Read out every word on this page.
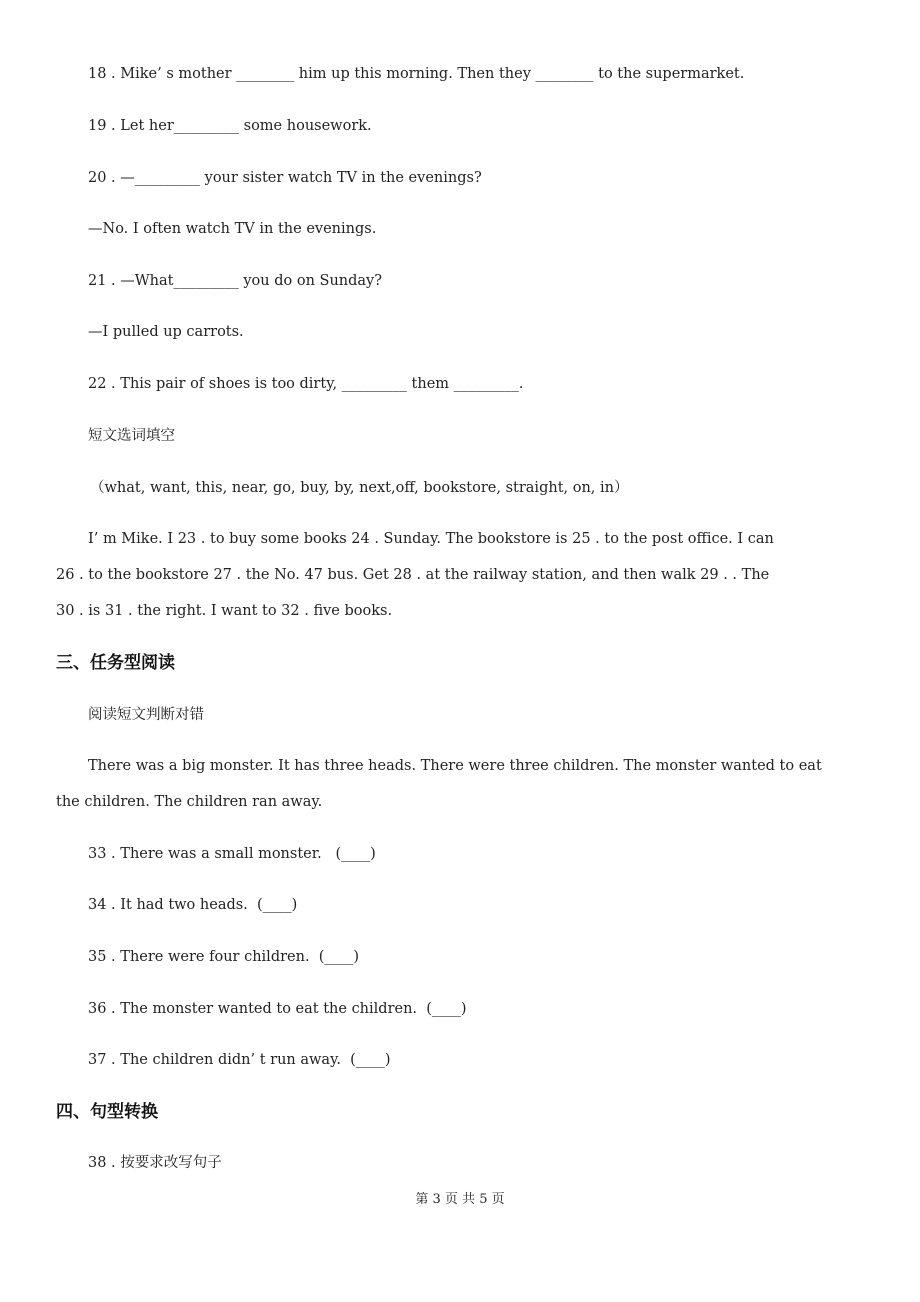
18 . Mike’ s mother ________ him up this morning. Then they ________ to the supermarket.
19 . Let her_________ some housework.
20 . —_________ your sister watch TV in the evenings?
—No. I often watch TV in the evenings.
21 . —What_________ you do on Sunday?
—I pulled up carrots.
22 . This pair of shoes is too dirty, _________ them _________.
短文选词填空
（what, want, this, near, go, buy, by, next,off, bookstore, straight, on, in）
I’ m Mike. I 23 . to buy some books 24 . Sunday. The bookstore is 25 . to the post office. I can
26 . to the bookstore 27 . the No. 47 bus. Get 28 . at the railway station, and then walk 29 . . The
30 . is 31 . the right. I want to 32 . five books.
三、任务型阅读
阅读短文判断对错
There was a big monster. It has three heads. There were three children. The monster wanted to eat
the children. The children ran away.
33 . There was a small monster.   (____)
34 . It had two heads.  (____)
35 . There were four children.  (____)
36 . The monster wanted to eat the children.  (____)
37 . The children didn’ t run away.  (____)
四、句型转换
38 . 按要求改写句子
第 3 页 共 5 页
